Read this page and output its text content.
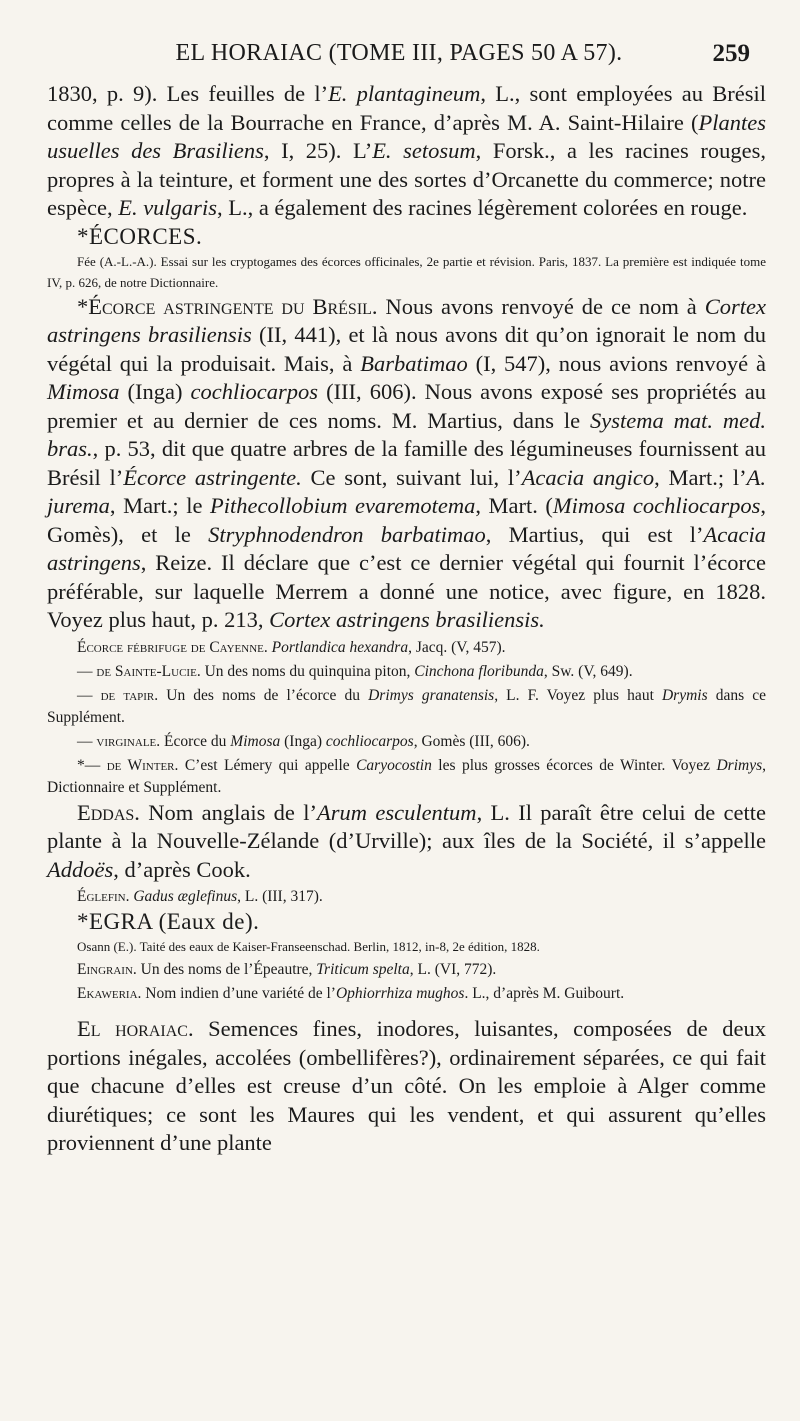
EL HORAIAC (TOME III, PAGES 50 A 57).	259

1830, p. 9). Les feuilles de l’E. plantagineum, L., sont employées au Brésil comme celles de la Bourrache en France, d’après M. A. Saint-Hilaire (Plantes usuelles des Brasiliens, I, 25). L’E. setosum, Forsk., a les racines rouges, propres à la teinture, et forment une des sortes d’Orcanette du commerce; notre espèce, E. vulgaris, L., a également des racines légèrement colorées en rouge.

*ÉCORCES.

Fée (A.-L.-A.). Essai sur les cryptogames des écorces officinales, 2e partie et révision. Paris, 1837. La première est indiquée tome IV, p. 626, de notre Dictionnaire.

*Écorce astringente du Brésil. Nous avons renvoyé de ce nom à Cortex astringens brasiliensis (II, 441), et là nous avons dit qu’on ignorait le nom du végétal qui la produisait. Mais, à Barbatimao (I, 547), nous avions renvoyé à Mimosa (Inga) cochliocarpos (III, 606). Nous avons exposé ses propriétés au premier et au dernier de ces noms. M. Martius, dans le Systema mat. med. bras., p. 53, dit que quatre arbres de la famille des légumineuses fournissent au Brésil l’Écorce astringente. Ce sont, suivant lui, l’Acacia angico, Mart.; l’A. jurema, Mart.; le Pithecollobium evaremotema, Mart. (Mimosa cochliocarpos, Gomès), et le Stryphnodendron barbatimao, Martius, qui est l’Acacia astringens, Reize. Il déclare que c’est ce dernier végétal qui fournit l’écorce préférable, sur laquelle Merrem a donné une notice, avec figure, en 1828. Voyez plus haut, p. 213, Cortex astringens brasiliensis.

Écorce fébrifuge de Cayenne. Portlandica hexandra, Jacq. (V, 457).

— de Sainte-Lucie. Un des noms du quinquina piton, Cinchona floribunda, Sw. (V, 649).

— de tapir. Un des noms de l’écorce du Drimys granatensis, L. F. Voyez plus haut Drymis dans ce Supplément.

— virginale. Écorce du Mimosa (Inga) cochliocarpos, Gomès (III, 606).

*— de Winter. C’est Lémery qui appelle Caryocostin les plus grosses écorces de Winter. Voyez Drimys, Dictionnaire et Supplément.

Eddas. Nom anglais de l’Arum esculentum, L. Il paraît être celui de cette plante à la Nouvelle-Zélande (d’Urville); aux îles de la Société, il s’appelle Addoës, d’après Cook.

Églefin. Gadus æglefinus, L. (III, 317).

*EGRA (Eaux de).

Osann (E.). Taité des eaux de Kaiser-Franseenschad. Berlin, 1812, in-8, 2e édition, 1828.

Eingrain. Un des noms de l’Épeautre, Triticum spelta, L. (VI, 772).

Ekaweria. Nom indien d’une variété de l’Ophiorrhiza mughos. L., d’après M. Guibourt.

El horaiac. Semences fines, inodores, luisantes, composées de deux portions inégales, accolées (ombellifères?), ordinairement séparées, ce qui fait que chacune d’elles est creuse d’un côté. On les emploie à Alger comme diurétiques; ce sont les Maures qui les vendent, et qui assurent qu’elles proviennent d’une plante
